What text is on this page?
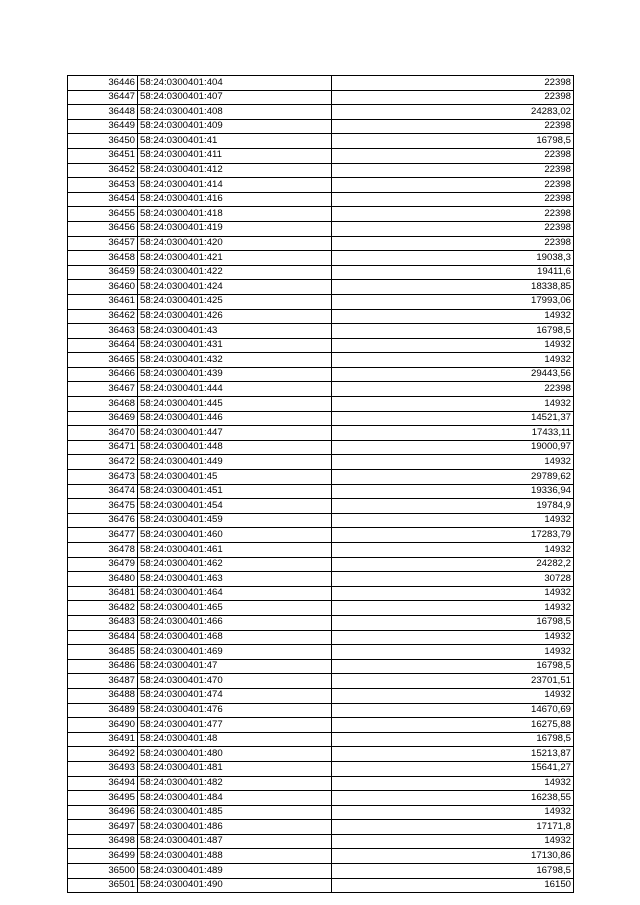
36446	58:24:0300401:404	22398
36447	58:24:0300401:407	22398
36448	58:24:0300401:408	24283,02
36449	58:24:0300401:409	22398
36450	58:24:0300401:41	16798,5
36451	58:24:0300401:411	22398
36452	58:24:0300401:412	22398
36453	58:24:0300401:414	22398
36454	58:24:0300401:416	22398
36455	58:24:0300401:418	22398
36456	58:24:0300401:419	22398
36457	58:24:0300401:420	22398
36458	58:24:0300401:421	19038,3
36459	58:24:0300401:422	19411,6
36460	58:24:0300401:424	18338,85
36461	58:24:0300401:425	17993,06
36462	58:24:0300401:426	14932
36463	58:24:0300401:43	16798,5
36464	58:24:0300401:431	14932
36465	58:24:0300401:432	14932
36466	58:24:0300401:439	29443,56
36467	58:24:0300401:444	22398
36468	58:24:0300401:445	14932
36469	58:24:0300401:446	14521,37
36470	58:24:0300401:447	17433,11
36471	58:24:0300401:448	19000,97
36472	58:24:0300401:449	14932
36473	58:24:0300401:45	29789,62
36474	58:24:0300401:451	19336,94
36475	58:24:0300401:454	19784,9
36476	58:24:0300401:459	14932
36477	58:24:0300401:460	17283,79
36478	58:24:0300401:461	14932
36479	58:24:0300401:462	24282,2
36480	58:24:0300401:463	30728
36481	58:24:0300401:464	14932
36482	58:24:0300401:465	14932
36483	58:24:0300401:466	16798,5
36484	58:24:0300401:468	14932
36485	58:24:0300401:469	14932
36486	58:24:0300401:47	16798,5
36487	58:24:0300401:470	23701,51
36488	58:24:0300401:474	14932
36489	58:24:0300401:476	14670,69
36490	58:24:0300401:477	16275,88
36491	58:24:0300401:48	16798,5
36492	58:24:0300401:480	15213,87
36493	58:24:0300401:481	15641,27
36494	58:24:0300401:482	14932
36495	58:24:0300401:484	16238,55
36496	58:24:0300401:485	14932
36497	58:24:0300401:486	17171,8
36498	58:24:0300401:487	14932
36499	58:24:0300401:488	17130,86
36500	58:24:0300401:489	16798,5
36501	58:24:0300401:490	16150
